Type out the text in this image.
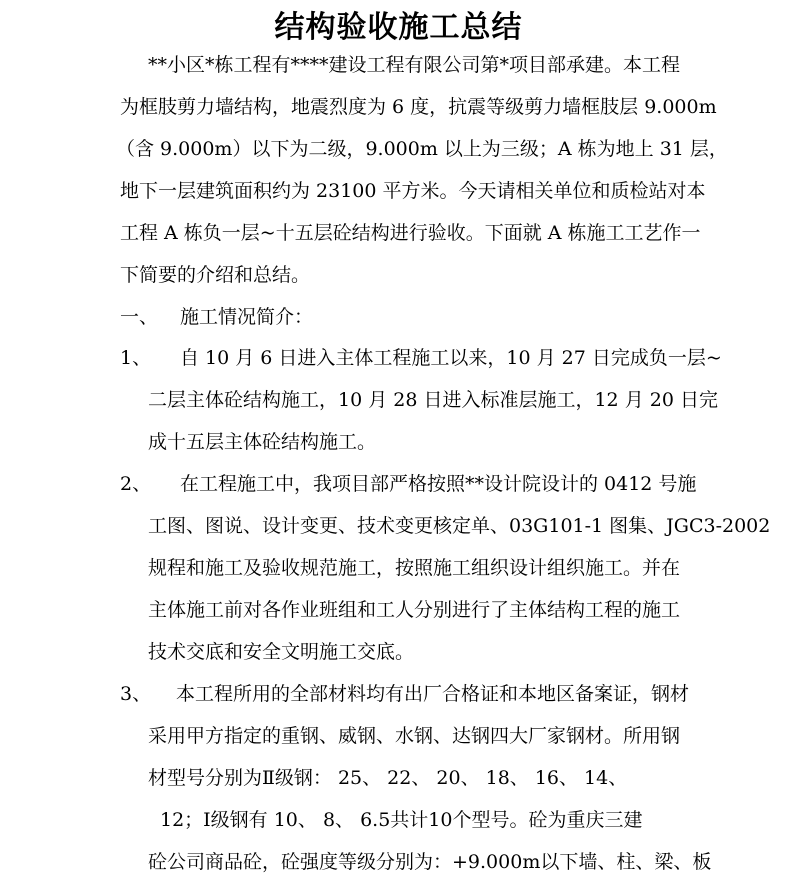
结构验收施工总结
**小区*栋工程有****建设工程有限公司第*项目部承建。本工程
为框肢剪力墙结构，地震烈度为 6 度，抗震等级剪力墙框肢层 9.000m
（含 9.000m）以下为二级，9.000m 以上为三级；A 栋为地上 31 层，
地下一层建筑面积约为 23100 平方米。今天请相关单位和质检站对本
工程 A 栋负一层~十五层砼结构进行验收。下面就 A 栋施工工艺作一
下简要的介绍和总结。
一、 施工情况简介：
1、 自 10 月 6 日进入主体工程施工以来，10 月 27 日完成负一层~
二层主体砼结构施工，10 月 28 日进入标准层施工，12 月 20 日完
成十五层主体砼结构施工。
2、 在工程施工中，我项目部严格按照**设计院设计的 0412 号施
工图、图说、设计变更、技术变更核定单、03G101-1 图集、JGC3-2002
规程和施工及验收规范施工，按照施工组织设计组织施工。并在
主体施工前对各作业班组和工人分别进行了主体结构工程的施工
技术交底和安全文明施工交底。
3、 本工程所用的全部材料均有出厂合格证和本地区备案证，钢材
采用甲方指定的重钢、威钢、水钢、达钢四大厂家钢材。所用钢
材型号分别为Ⅱ级钢： 25、 22、 20、 18、 16、 14、
12；Ⅰ级钢有 10、 8、 6.5共计10个型号。砼为重庆三建
砼公司商品砼，砼强度等级分别为：+9.000m以下墙、柱、梁、板
